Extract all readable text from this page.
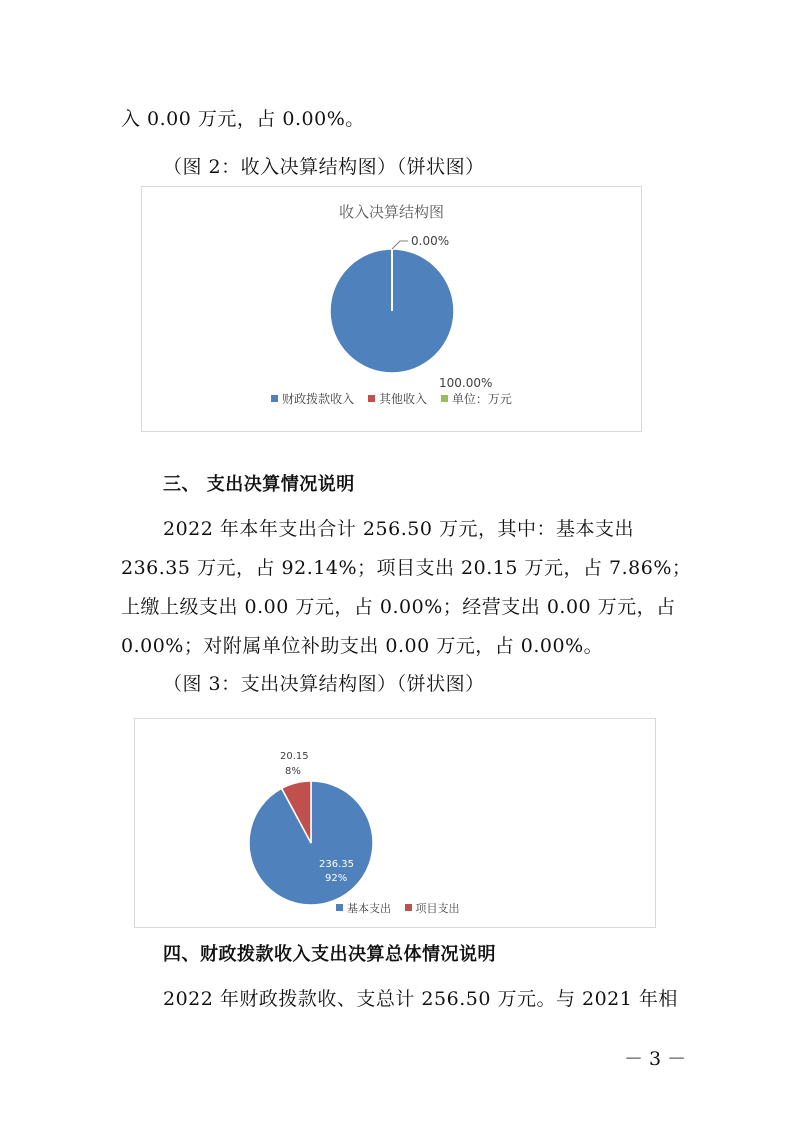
入 0.00 万元，占 0.00%。
（图 2：收入决算结构图）（饼状图）
收入决算结构图
0.00%
100.00%
财政拨款收入 其他收入 单位：万元
三、 支出决算情况说明
2022 年本年支出合计 256.50 万元，其中：基本支出
236.35 万元，占 92.14%；项目支出 20.15 万元，占 7.86%；
上缴上级支出 0.00 万元，占 0.00%；经营支出 0.00 万元，占
0.00%；对附属单位补助支出 0.00 万元，占 0.00%。
（图 3：支出决算结构图）（饼状图）
20.15
8%
236.35
92%
基本支出 项目支出
四、财政拨款收入支出决算总体情况说明
2022 年财政拨款收、支总计 256.50 万元。与 2021 年相
－ 3 －
